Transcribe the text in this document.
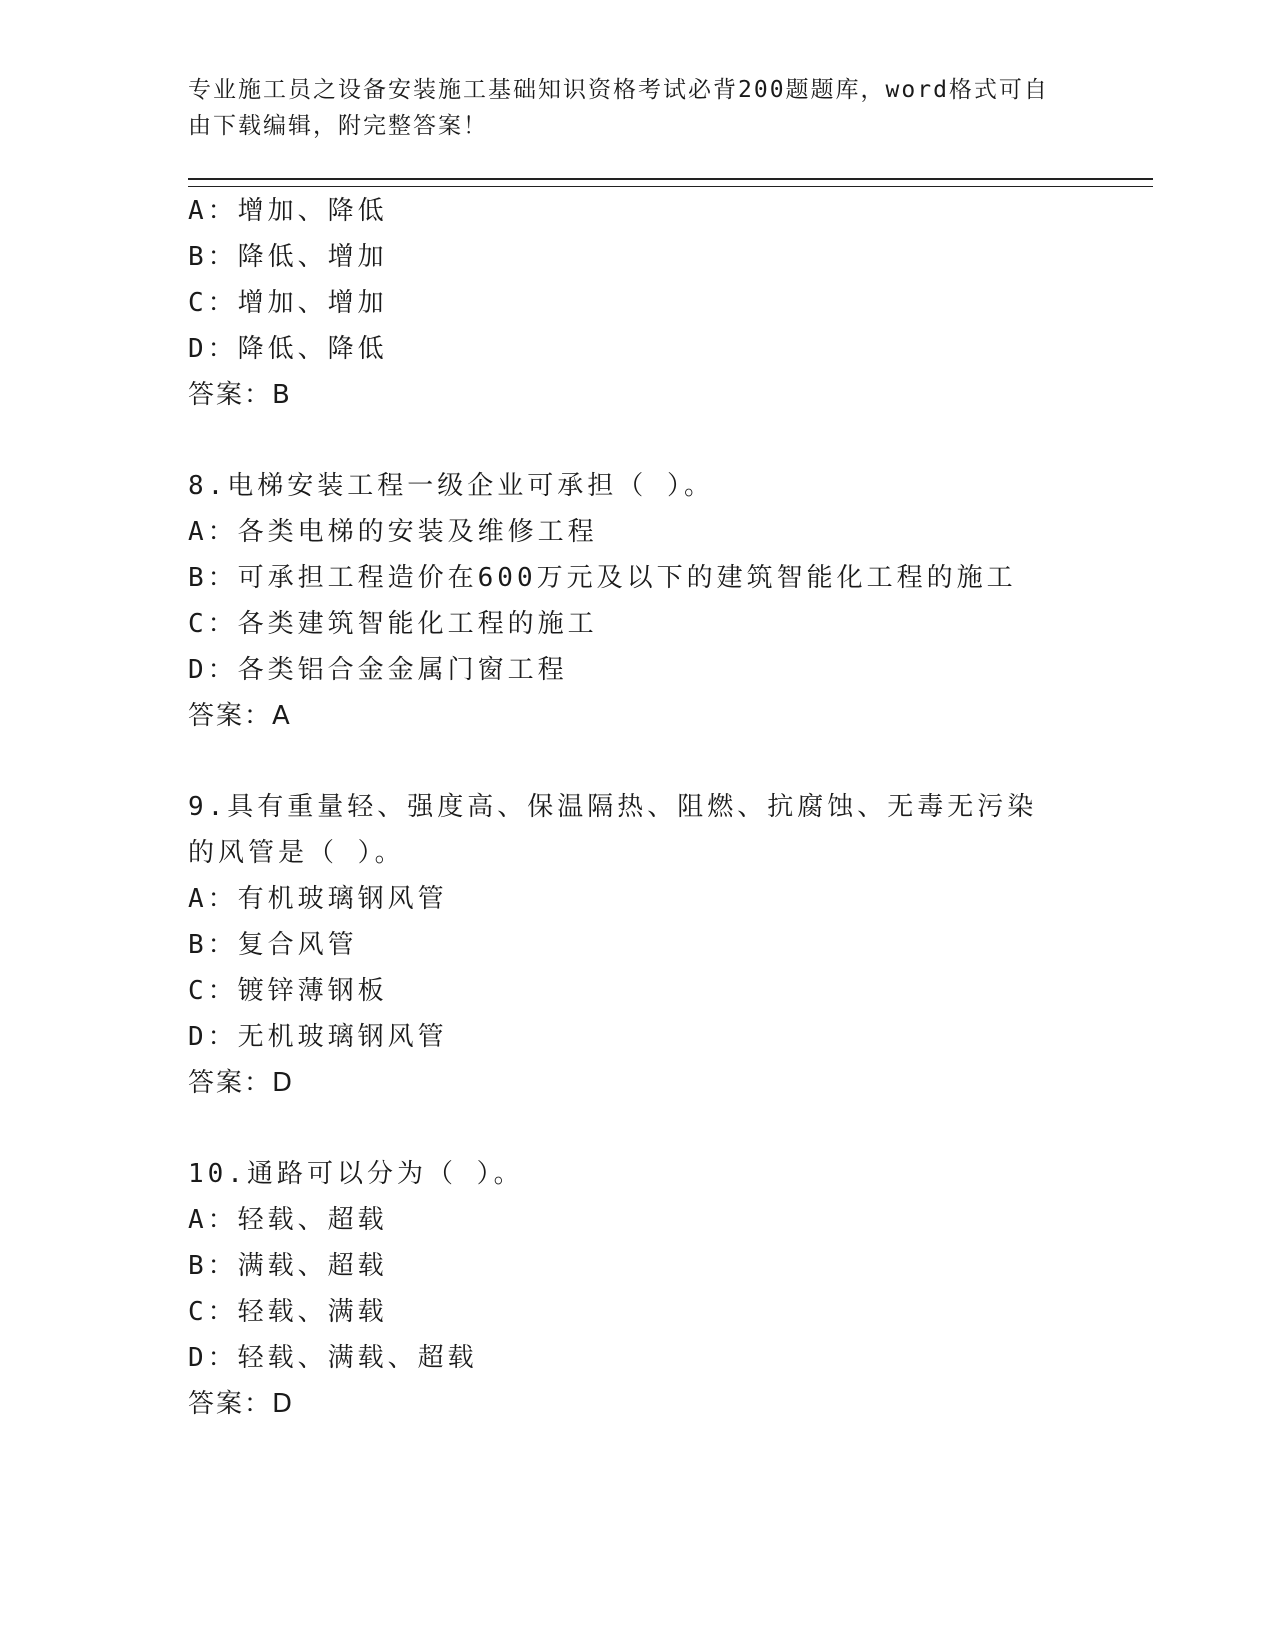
专业施工员之设备安装施工基础知识资格考试必背200题题库，word格式可自由下载编辑，附完整答案！
A：增加、降低
B：降低、增加
C：增加、增加
D：降低、降低
答案：B
8.电梯安装工程一级企业可承担（ ）。
A：各类电梯的安装及维修工程
B：可承担工程造价在600万元及以下的建筑智能化工程的施工
C：各类建筑智能化工程的施工
D：各类铝合金金属门窗工程
答案：A
9.具有重量轻、强度高、保温隔热、阻燃、抗腐蚀、无毒无污染的风管是（ ）。
A：有机玻璃钢风管
B：复合风管
C：镀锌薄钢板
D：无机玻璃钢风管
答案：D
10.通路可以分为（ ）。
A：轻载、超载
B：满载、超载
C：轻载、满载
D：轻载、满载、超载
答案：D
